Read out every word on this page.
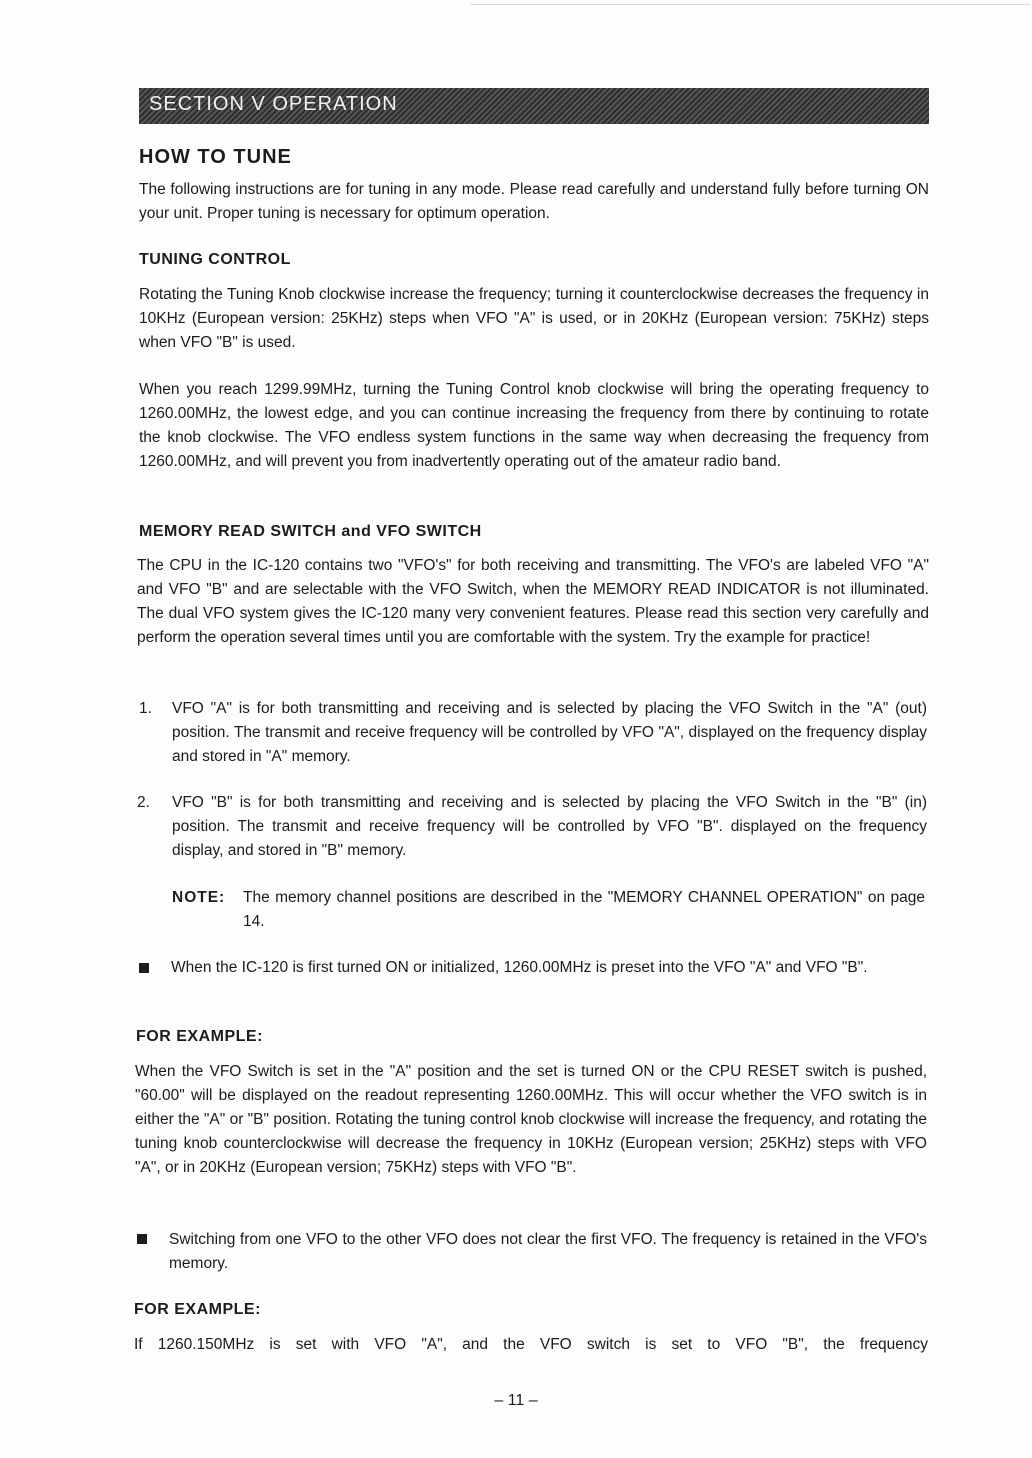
SECTION V OPERATION
HOW TO TUNE

The following instructions are for tuning in any mode. Please read carefully and understand fully before turning ON your unit. Proper tuning is necessary for optimum operation.

TUNING CONTROL

Rotating the Tuning Knob clockwise increase the frequency; turning it counterclockwise decreases the frequency in 10KHz (European version: 25KHz) steps when VFO "A" is used, or in 20KHz (European version: 75KHz) steps when VFO "B" is used.

When you reach 1299.99MHz, turning the Tuning Control knob clockwise will bring the operating frequency to 1260.00MHz, the lowest edge, and you can continue increasing the frequency from there by continuing to rotate the knob clockwise. The VFO endless system functions in the same way when decreasing the frequency from 1260.00MHz, and will prevent you from inadvertently operating out of the amateur radio band.

MEMORY READ SWITCH and VFO SWITCH

The CPU in the IC-120 contains two "VFO's" for both receiving and transmitting. The VFO's are labeled VFO "A" and VFO "B" and are selectable with the VFO Switch, when the MEMORY READ INDICATOR is not illuminated. The dual VFO system gives the IC-120 many very convenient features. Please read this section very carefully and perform the operation several times until you are comfortable with the system. Try the example for practice!

1. VFO "A" is for both transmitting and receiving and is selected by placing the VFO Switch in the "A" (out) position. The transmit and receive frequency will be controlled by VFO "A", displayed on the frequency display and stored in "A" memory.

2. VFO "B" is for both transmitting and receiving and is selected by placing the VFO Switch in the "B" (in) position. The transmit and receive frequency will be controlled by VFO "B". displayed on the frequency display, and stored in "B" memory.

NOTE: The memory channel positions are described in the "MEMORY CHANNEL OPERATION" on page 14.

When the IC-120 is first turned ON or initialized, 1260.00MHz is preset into the VFO "A" and VFO "B".

FOR EXAMPLE:

When the VFO Switch is set in the "A" position and the set is turned ON or the CPU RESET switch is pushed, "60.00" will be displayed on the readout representing 1260.00MHz. This will occur whether the VFO switch is in either the "A" or "B" position. Rotating the tuning control knob clockwise will increase the frequency, and rotating the tuning knob counterclockwise will decrease the frequency in 10KHz (European version; 25KHz) steps with VFO "A", or in 20KHz (European version; 75KHz) steps with VFO "B".

Switching from one VFO to the other VFO does not clear the first VFO. The frequency is retained in the VFO's memory.

FOR EXAMPLE:

If 1260.150MHz is set with VFO "A", and the VFO switch is set to VFO "B", the frequency

– 11 –
